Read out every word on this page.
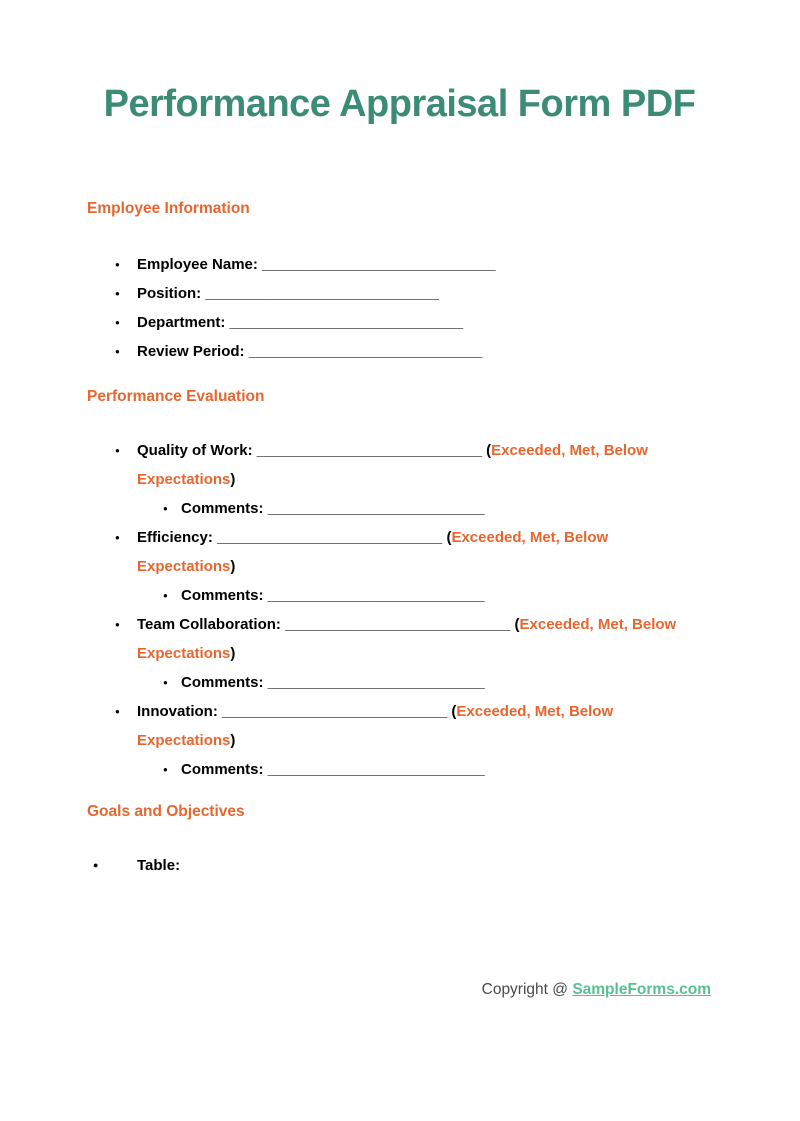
Performance Appraisal Form PDF
Employee Information
● Employee Name: ____________________________
● Position: ____________________________
● Department: ____________________________
● Review Period: ____________________________
Performance Evaluation
● Quality of Work: ___________________________ (Exceeded, Met, Below
Expectations)
● Comments: __________________________
● Efficiency: ___________________________ (Exceeded, Met, Below
Expectations)
● Comments: __________________________
● Team Collaboration: ___________________________ (Exceeded, Met, Below
Expectations)
● Comments: __________________________
● Innovation: ___________________________ (Exceeded, Met, Below
Expectations)
● Comments: __________________________
Goals and Objectives
● Table:
Copyright @ SampleForms.com
